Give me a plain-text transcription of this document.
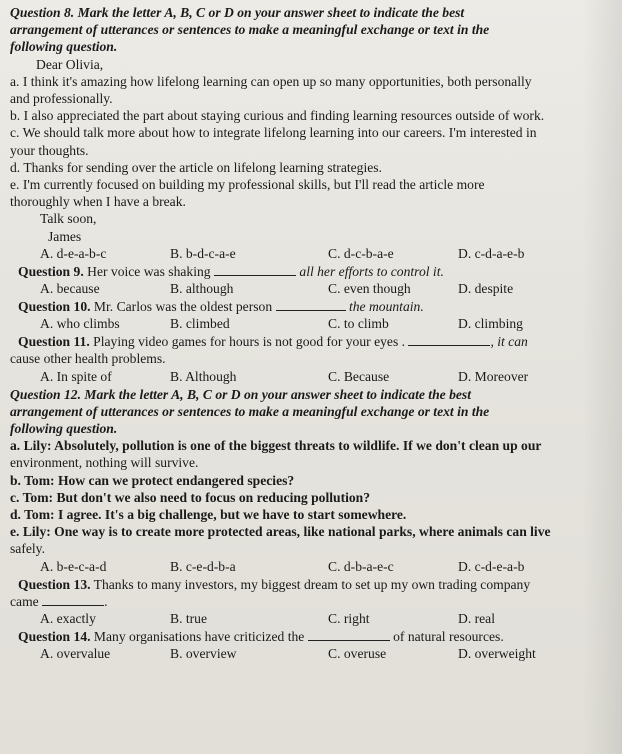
Question 8. Mark the letter A, B, C or D on your answer sheet to indicate the best
arrangement of utterances or sentences to make a meaningful exchange or text in the
following question.
Dear Olivia,
a. I think it's amazing how lifelong learning can open up so many opportunities, both personally
and professionally.
b. I also appreciated the part about staying curious and finding learning resources outside of work.
c. We should talk more about how to integrate lifelong learning into our careers. I'm interested in
your thoughts.
d. Thanks for sending over the article on lifelong learning strategies.
e. I'm currently focused on building my professional skills, but I'll read the article more
thoroughly when I have a break.
Talk soon,
James
A. d-e-a-b-c	B. b-d-c-a-e	C. d-c-b-a-e	D. c-d-a-e-b
Question 9. Her voice was shaking	all her efforts to control it.
A. because	B. although	C. even though	D. despite
Question 10. Mr. Carlos was the oldest person	the mountain.
A. who climbs	B. climbed	C. to climb	D. climbing
Question 11. Playing video games for hours is not good for your eyes .	, it can
cause other health problems.
A. In spite of	B. Although	C. Because	D. Moreover
Question 12. Mark the letter A, B, C or D on your answer sheet to indicate the best
arrangement of utterances or sentences to make a meaningful exchange or text in the
following question.
a. Lily: Absolutely, pollution is one of the biggest threats to wildlife. If we don't clean up our
environment, nothing will survive.
b. Tom: How can we protect endangered species?
c. Tom: But don't we also need to focus on reducing pollution?
d. Tom: I agree. It's a big challenge, but we have to start somewhere.
e. Lily: One way is to create more protected areas, like national parks, where animals can live
safely.
A. b-e-c-a-d	B. c-e-d-b-a	C. d-b-a-e-c	D. c-d-e-a-b
Question 13. Thanks to many investors, my biggest dream to set up my own trading company
came	.
A. exactly	B. true	C. right	D. real
Question 14. Many organisations have criticized the	of natural resources.
A. overvalue	B. overview	C. overuse	D. overweight
